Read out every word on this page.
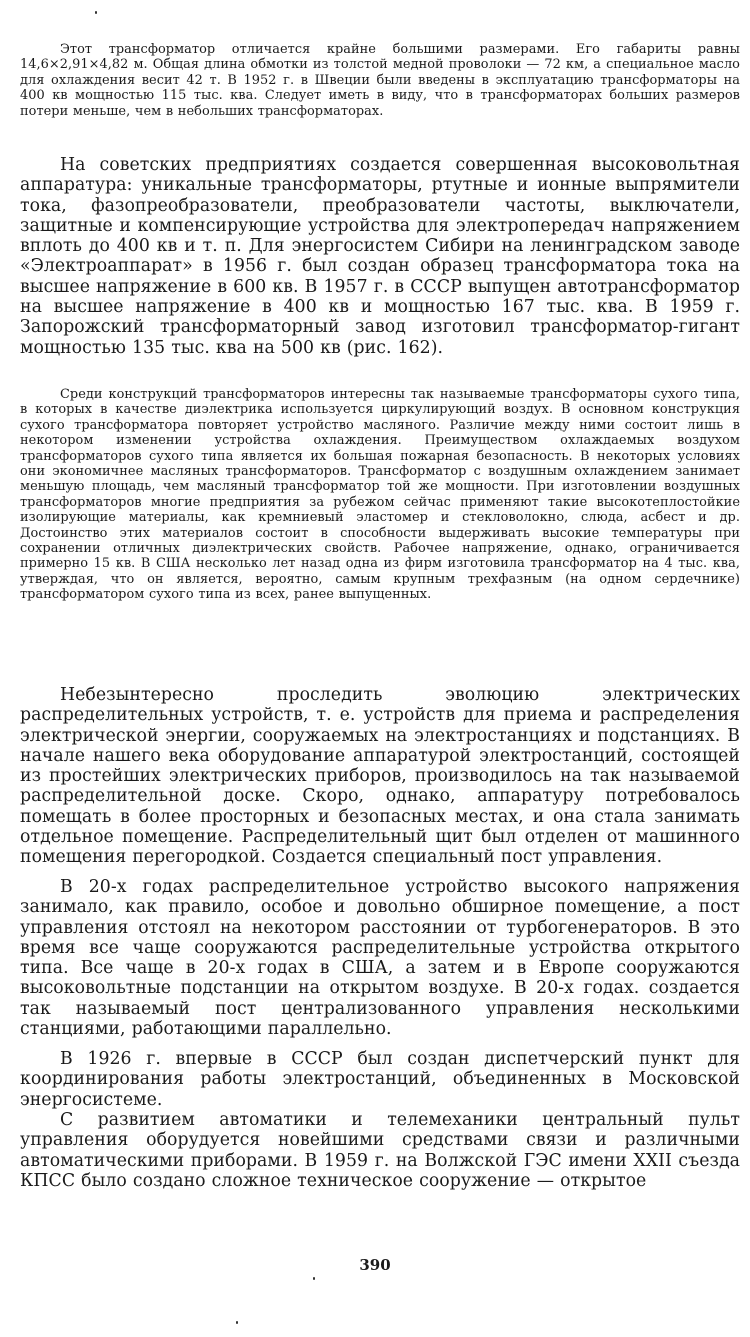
Этот трансформатор отличается крайне большими размерами. Его габариты равны 14,6×2,91×4,82 м. Общая длина обмотки из толстой медной проволоки — 72 км, а специальное масло для охлаждения весит 42 т. В 1952 г. в Швеции были введены в эксплуатацию трансформаторы на 400 кв мощностью 115 тыс. ква. Следует иметь в виду, что в трансформаторах больших размеров потери меньше, чем в небольших трансформаторах.

На советских предприятиях создается совершенная высоковольтная аппаратура: уникальные трансформаторы, ртутные и ионные выпрямители тока, фазопреобразователи, преобразователи частоты, выключатели, защитные и компенсирующие устройства для электропередач напряжением вплоть до 400 кв и т. п. Для энергосистем Сибири на ленинградском заводе «Электроаппарат» в 1956 г. был создан образец трансформатора тока на высшее напряжение в 600 кв. В 1957 г. в СССР выпущен автотрансформатор на высшее напряжение в 400 кв и мощностью 167 тыс. ква. В 1959 г. Запорожский трансформаторный завод изготовил трансформатор-гигант мощностью 135 тыс. ква на 500 кв (рис. 162).

Среди конструкций трансформаторов интересны так называемые трансформаторы сухого типа, в которых в качестве диэлектрика используется циркулирующий воздух. В основном конструкция сухого трансформатора повторяет устройство масляного. Различие между ними состоит лишь в некотором изменении устройства охлаждения. Преимуществом охлаждаемых воздухом трансформаторов сухого типа является их большая пожарная безопасность. В некоторых условиях они экономичнее масляных трансформаторов. Трансформатор с воздушным охлаждением занимает меньшую площадь, чем масляный трансформатор той же мощности. При изготовлении воздушных трансформаторов многие предприятия за рубежом сейчас применяют такие высокотеплостойкие изолирующие материалы, как кремниевый эластомер и стекловолокно, слюда, асбест и др. Достоинство этих материалов состоит в способности выдерживать высокие температуры при сохранении отличных диэлектрических свойств. Рабочее напряжение, однако, ограничивается примерно 15 кв. В США несколько лет назад одна из фирм изготовила трансформатор на 4 тыс. ква, утверждая, что он является, вероятно, самым крупным трехфазным (на одном сердечнике) трансформатором сухого типа из всех, ранее выпущенных.

Небезынтересно проследить эволюцию электрических распределительных устройств, т. е. устройств для приема и распределения электрической энергии, сооружаемых на электростанциях и подстанциях. В начале нашего века оборудование аппаратурой электростанций, состоящей из простейших электрических приборов, производилось на так называемой распределительной доске. Скоро, однако, аппаратуру потребовалось помещать в более просторных и безопасных местах, и она стала занимать отдельное помещение. Распределительный щит был отделен от машинного помещения перегородкой. Создается специальный пост управления.

В 20-х годах распределительное устройство высокого напряжения занимало, как правило, особое и довольно обширное помещение, а пост управления отстоял на некотором расстоянии от турбогенераторов. В это время все чаще сооружаются распределительные устройства открытого типа. Все чаще в 20-х годах в США, а затем и в Европе сооружаются высоковольтные подстанции на открытом воздухе. В 20-х годах. создается так называемый пост централизованного управления несколькими станциями, работающими параллельно.

В 1926 г. впервые в СССР был создан диспетчерский пункт для координирования работы электростанций, объединенных в Московской энергосистеме.

С развитием автоматики и телемеханики центральный пульт управления оборудуется новейшими средствами связи и различными автоматическими приборами. В 1959 г. на Волжской ГЭС имени XXII съезда КПСС было создано сложное техническое сооружение — открытое

390
